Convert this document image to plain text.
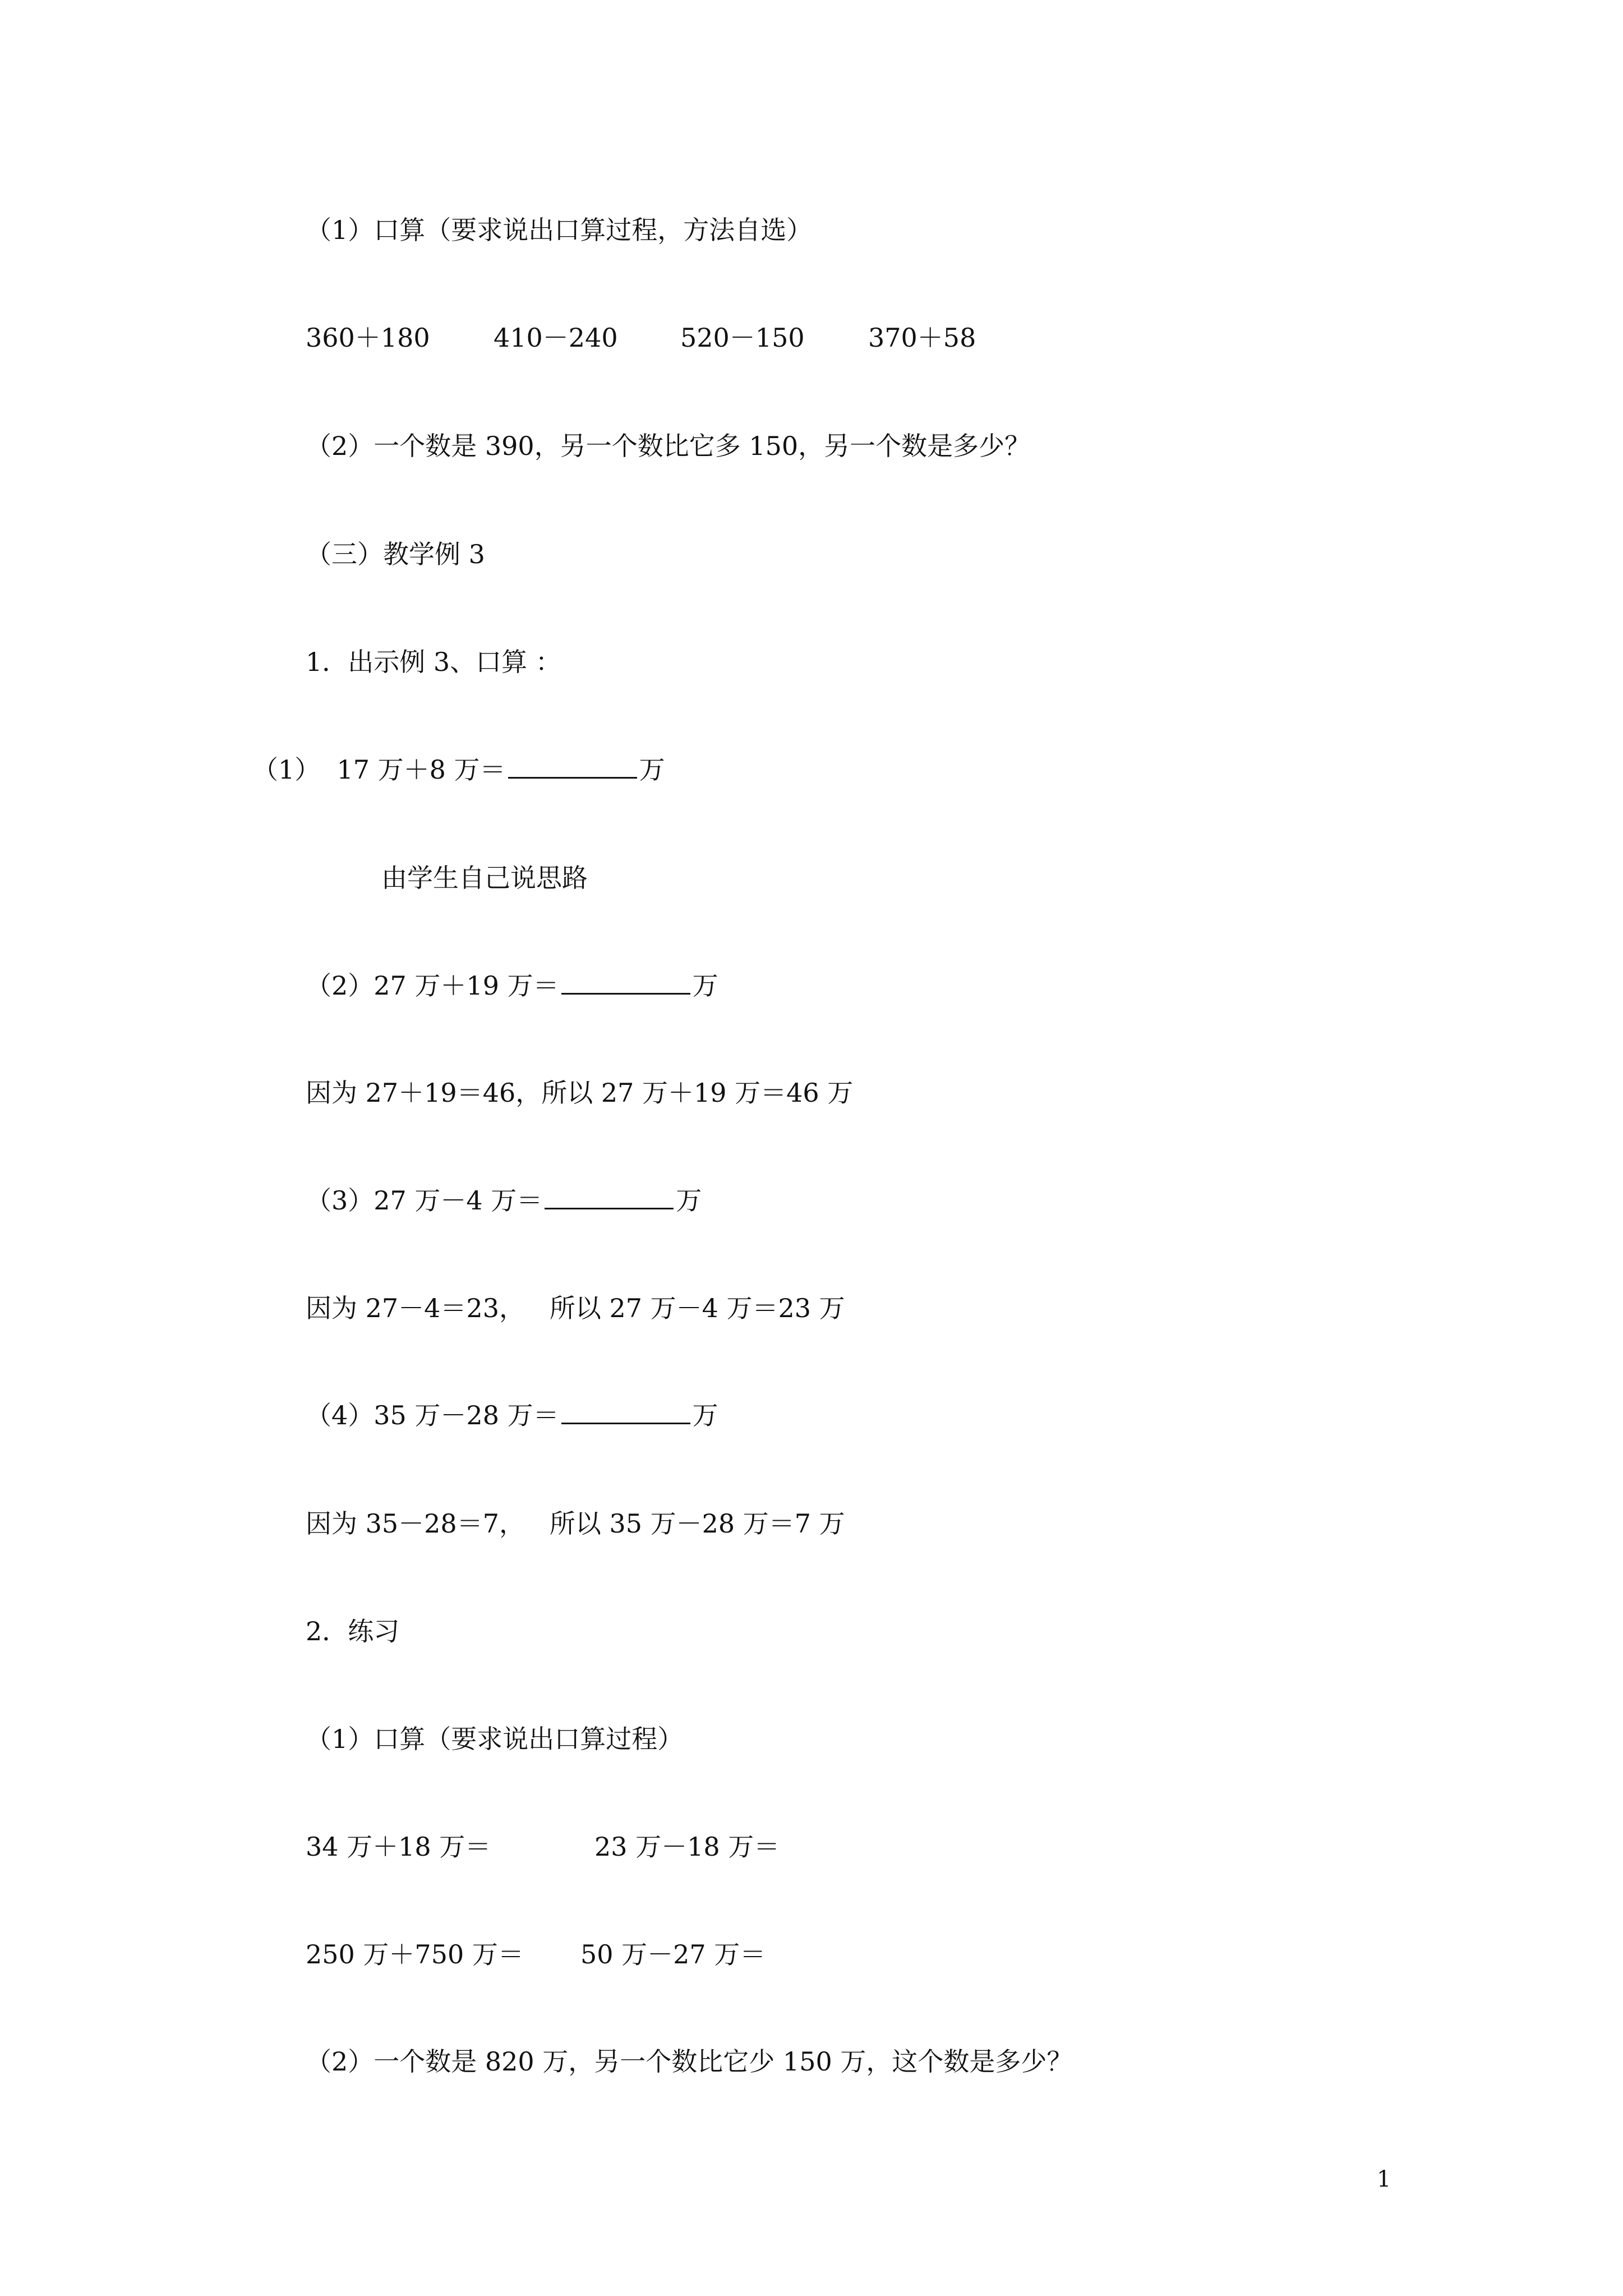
（1）口算（要求说出口算过程，方法自选）

360＋180

410－240

520－150

370＋58

（2）一个数是 390，另一个数比它多 150，另一个数是多少？
（三）教学例 3
1．出示例 3、口算 ：
（1）  17 万＋8 万＝	万
由学生自己说思路
（2）27 万＋19 万＝	万
因为 27＋19＝46，所以 27 万＋19 万＝46 万
（3）27 万－4 万＝	万
因为 27－4＝23，   所以 27 万－4 万＝23 万
（4）35 万－28 万＝	万
因为 35－28＝7，   所以 35 万－28 万＝7 万
2．练习
（1）口算（要求说出口算过程）

34 万＋18 万＝

	23 万－18 万＝

250 万＋750 万＝

50 万－27 万＝

（2）一个数是 820 万，另一个数比它少 150 万，这个数是多少？
1
